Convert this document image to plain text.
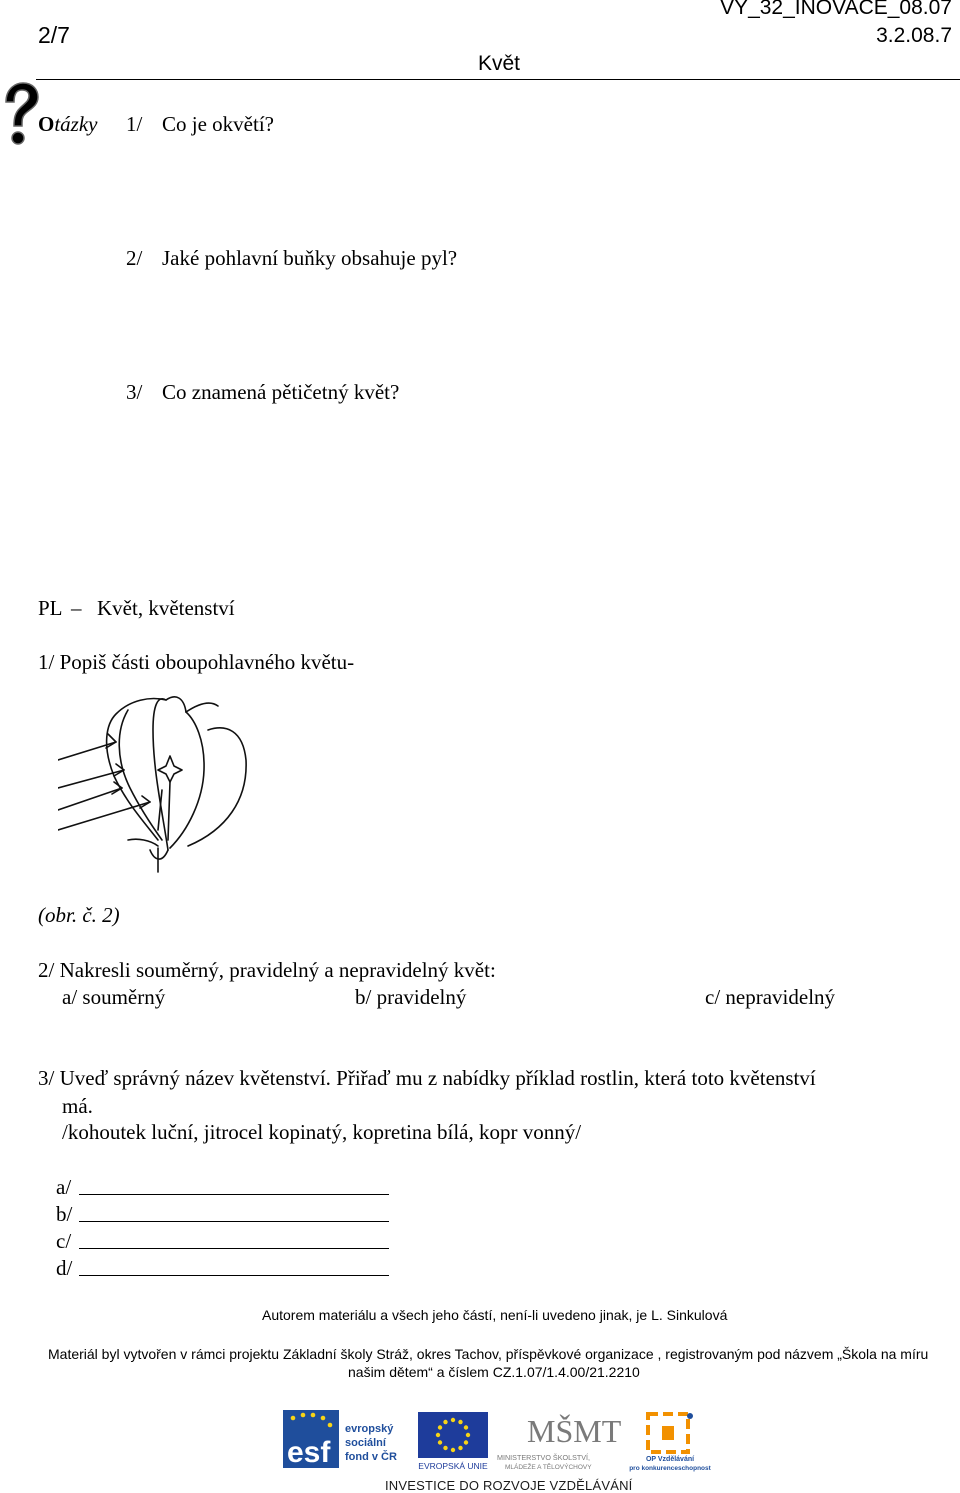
2/7
VY_32_INOVACE_08.07
3.2.08.7
Květ
Otázky 1/ Co je okvětí?
2/ Jaké pohlavní buňky obsahuje pyl?
3/ Co znamená pětičetný květ?
PL – Květ, květenství
1/ Popiš části oboupohlavného květu-
(obr. č. 2)
2/ Nakresli souměrný, pravidelný a nepravidelný květ:
a/ souměrný	b/ pravidelný	c/ nepravidelný
3/ Uveď správný název květenství. Přiřaď mu z nabídky příklad rostlin, která toto květenství
má.
/kohoutek luční, jitrocel kopinatý, kopretina bílá, kopr vonný/
a/
b/
c/
d/
Autorem materiálu a všech jeho částí, není-li uvedeno jinak, je L. Sinkulová
Materiál byl vytvořen v rámci projektu Základní školy Stráž, okres Tachov, příspěvkové organizace , registrovaným pod názvem „Škola na míru
našim dětem“ a číslem CZ.1.07/1.4.00/21.2210
esf
evropský
sociální
fond v ČR
EVROPSKÁ UNIE
MŠMT
MINISTERSTVO ŠKOLSTVÍ,
MLÁDEŽE A TĚLOVÝCHOVY
OP Vzdělávání
pro konkurenceschopnost
INVESTICE DO ROZVOJE VZDĚLÁVÁNÍ
